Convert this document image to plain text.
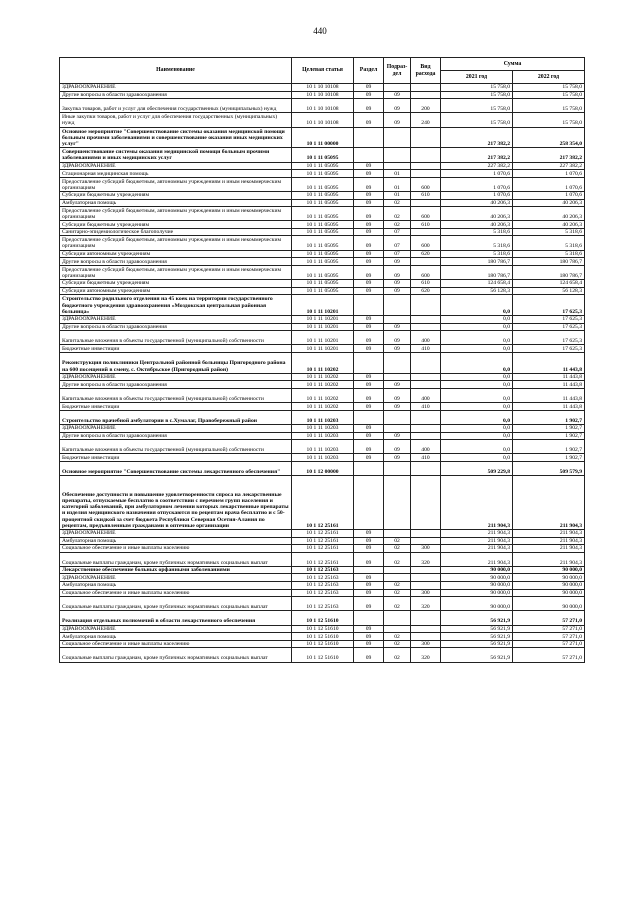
440
Наименование	Целевая статья	Раздел	Подраз-дел	Вид расхода	Сумма	
					2021 год	2022 год
ЗДРАВООХРАНЕНИЕ	10 1 10 10108	09			15 758,0	15 758,0
Другие вопросы в области здравоохранения	10 1 10 10108	09	09		15 758,0	15 758,0
Закупка товаров, работ и услуг для обеспечения государственных (муниципальных) нужд	10 1 10 10108	09	09	200	15 758,0	15 758,0
Иные закупки товаров, работ и услуг для обеспечения государственных (муниципальных) нужд	10 1 10 10108	09	09	240	15 758,0	15 758,0
Основное мероприятие "Совершенствование системы оказания медицинской помощи больным прочими заболеваниями и совершенствование оказания иных медицинских услуг"	10 1 11 00000				217 382,2	258 354,0
Совершенствование системы оказания медицинской помощи больным прочими заболеваниями и иных медицинских услуг	10 1 11 05095				217 382,2	217 382,2
ЗДРАВООХРАНЕНИЕ	10 1 11 05095	09			227 382,2	227 382,2
Стационарная медицинская помощь	10 1 11 05095	09	01		1 070,6	1 070,6
Предоставление субсидий бюджетным, автономным учреждениям и иным некоммерческим организациям	10 1 11 05095	09	01	600	1 070,6	1 070,6
Субсидии бюджетным учреждениям	10 1 11 05095	09	01	610	1 070,6	1 070,6
Амбулаторная помощь	10 1 11 05095	09	02		40 206,3	40 206,3
Предоставление субсидий бюджетным, автономным учреждениям и иным некоммерческим организациям	10 1 11 05095	09	02	600	40 206,3	40 206,3
Субсидии бюджетным учреждениям	10 1 11 05095	09	02	610	40 206,3	40 206,3
Санитарно-эпидемиологическое благополучие	10 1 11 05095	09	07		5 318,6	5 318,6
Предоставление субсидий бюджетным, автономным учреждениям и иным некоммерческим организациям	10 1 11 05095	09	07	600	5 318,6	5 318,6
Субсидии автономным учреждениям	10 1 11 05095	09	07	620	5 318,6	5 318,6
Другие вопросы в области здравоохранения	10 1 11 05095	09	09		180 786,7	180 786,7
Предоставление субсидий бюджетным, автономным учреждениям и иным некоммерческим организациям	10 1 11 05095	09	09	600	180 786,7	180 786,7
Субсидии бюджетным учреждениям	10 1 11 05095	09	09	610	124 658,4	124 658,4
Субсидии автономным учреждениям	10 1 11 05095	09	09	620	56 128,3	56 128,3
Строительство родильного отделения на 45 коек на территории государственного бюджетного учреждения здравоохранения «Моздокская центральная районная больница»	10 1 11 10201				0,0	17 625,3
ЗДРАВООХРАНЕНИЕ	10 1 11 10201	09			0,0	17 625,3
Другие вопросы в области здравоохранения	10 1 11 10201	09	09		0,0	17 625,3
Капитальные вложения в объекты государственной (муниципальной) собственности	10 1 11 10201	09	09	400	0,0	17 625,3
Бюджетные инвестиции	10 1 11 10201	09	09	410	0,0	17 625,3
Реконструкция поликлиники Центральной районной больницы Пригородного района на 600 посещений в смену, с. Октябрьское (Пригородный район)	10 1 11 10202				0,0	11 443,8
ЗДРАВООХРАНЕНИЕ	10 1 11 10202	09			0,0	11 443,8
Другие вопросы в области здравоохранения	10 1 11 10202	09	09		0,0	11 443,8
Капитальные вложения в объекты государственной (муниципальной) собственности	10 1 11 10202	09	09	400	0,0	11 443,8
Бюджетные инвестиции	10 1 11 10202	09	09	410	0,0	11 443,8
Строительство врачебной амбулатории в с.Хумалаг, Правобережный район	10 1 11 10203				0,0	1 902,7
ЗДРАВООХРАНЕНИЕ	10 1 11 10203	09			0,0	1 902,7
Другие вопросы в области здравоохранения	10 1 11 10203	09	09		0,0	1 902,7
Капитальные вложения в объекты государственной (муниципальной) собственности	10 1 11 10203	09	09	400	0,0	1 902,7
Бюджетные инвестиции	10 1 11 10203	09	09	410	0,0	1 902,7
Основное мероприятие "Совершенствование системы лекарственного обеспечения"	10 1 12 00000				509 229,8	509 579,9
Обеспечение доступности и повышение удовлетворенности спроса на лекарственные препараты, отпускаемые бесплатно в соответствии с перечнем групп населения и категорий заболеваний, при амбулаторном лечении которых лекарственные препараты и изделия медицинского назначения отпускаются по рецептам врача бесплатно и с 50-процентной скидкой за счет бюджета Республики Северная Осетия-Алания по рецептам, предъявленным гражданами в оптечные организации	10 1 12 25161				211 904,3	211 904,3
ЗДРАВООХРАНЕНИЕ	10 1 12 25161	09			211 904,3	211 904,3
Амбулаторная помощь	10 1 12 25161	09	02		211 904,3	211 904,3
Социальное обеспечение и иные выплаты населению	10 1 12 25161	09	02	300	211 904,3	211 904,3
Социальные выплаты гражданам, кроме публичных нормативных социальных выплат	10 1 12 25161	09	02	320	211 904,3	211 904,3
Лекарственное обеспечение больных орфанными заболеваниями	10 1 12 25163				90 000,0	90 000,0
ЗДРАВООХРАНЕНИЕ	10 1 12 25163	09			90 000,0	90 000,0
Амбулаторная помощь	10 1 12 25163	09	02		90 000,0	90 000,0
Социальное обеспечение и иные выплаты населению	10 1 12 25163	09	02	300	90 000,0	90 000,0
Социальные выплаты гражданам, кроме публичных нормативных социальных выплат	10 1 12 25163	09	02	320	90 000,0	90 000,0
Реализация отдельных полномочий в области лекарственного обеспечения	10 1 12 51610				56 921,9	57 271,0
ЗДРАВООХРАНЕНИЕ	10 1 12 51610	09			56 921,9	57 271,0
Амбулаторная помощь	10 1 12 51610	09	02		56 921,9	57 271,0
Социальное обеспечение и иные выплаты населению	10 1 12 51610	09	02	300	56 921,9	57 271,0
Социальные выплаты гражданам, кроме публичных нормативных социальных выплат	10 1 12 51610	09	02	320	56 921,9	57 271,0
